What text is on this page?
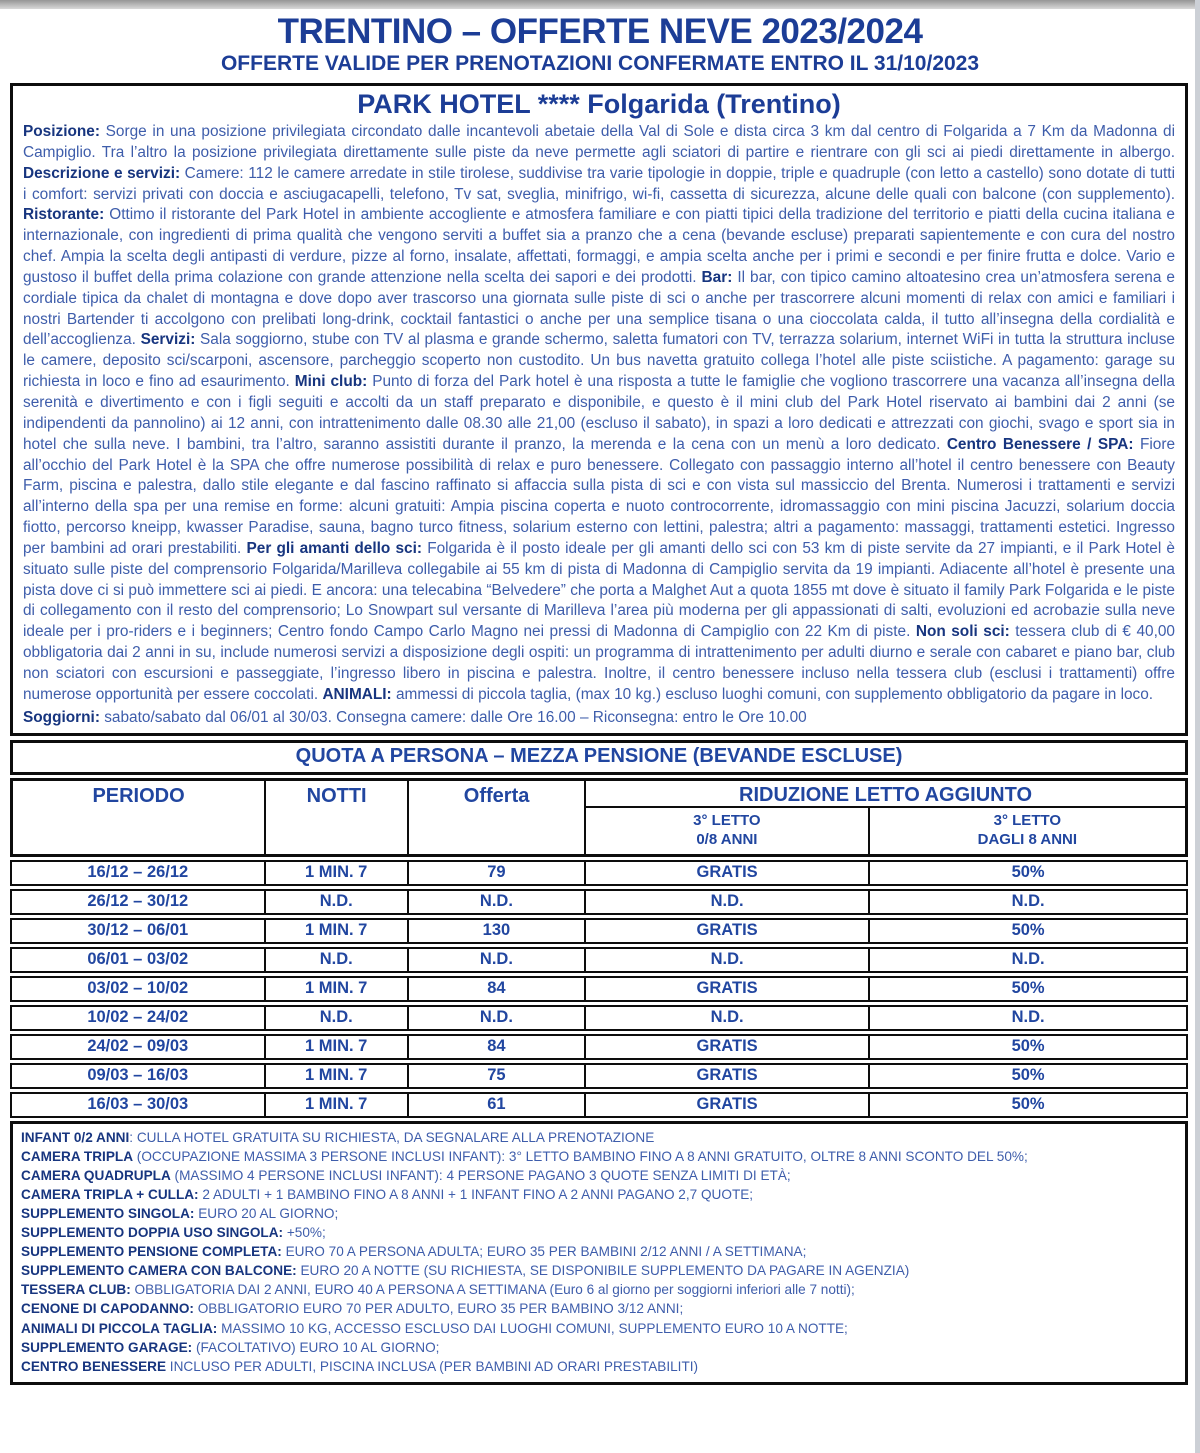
TRENTINO – OFFERTE NEVE 2023/2024
OFFERTE VALIDE PER PRENOTAZIONI CONFERMATE ENTRO IL 31/10/2023
PARK HOTEL **** Folgarida (Trentino)
Posizione: Sorge in una posizione privilegiata circondato dalle incantevoli abetaie della Val di Sole e dista circa 3 km dal centro di Folgarida a 7 Km da Madonna di Campiglio. Tra l’altro la posizione privilegiata direttamente sulle piste da neve permette agli sciatori di partire e rientrare con gli sci ai piedi direttamente in albergo. Descrizione e servizi: Camere: 112 le camere arredate in stile tirolese, suddivise tra varie tipologie in doppie, triple e quadruple (con letto a castello) sono dotate di tutti i comfort: servizi privati con doccia e asciugacapelli, telefono, Tv sat, sveglia, minifrigo, wi-fi, cassetta di sicurezza, alcune delle quali con balcone (con supplemento). Ristorante: Ottimo il ristorante del Park Hotel in ambiente accogliente e atmosfera familiare e con piatti tipici della tradizione del territorio e piatti della cucina italiana e internazionale, con ingredienti di prima qualità che vengono serviti a buffet sia a pranzo che a cena (bevande escluse) preparati sapientemente e con cura del nostro chef. Ampia la scelta degli antipasti di verdure, pizze al forno, insalate, affettati, formaggi, e ampia scelta anche per i primi e secondi e per finire frutta e dolce. Vario e gustoso il buffet della prima colazione con grande attenzione nella scelta dei sapori e dei prodotti. Bar: Il bar, con tipico camino altoatesino crea un’atmosfera serena e cordiale tipica da chalet di montagna e dove dopo aver trascorso una giornata sulle piste di sci o anche per trascorrere alcuni momenti di relax con amici e familiari i nostri Bartender ti accolgono con prelibati long-drink, cocktail fantastici o anche per una semplice tisana o una cioccolata calda, il tutto all’insegna della cordialità e dell’accoglienza. Servizi: Sala soggiorno, stube con TV al plasma e grande schermo, saletta fumatori con TV, terrazza solarium, internet WiFi in tutta la struttura incluse le camere, deposito sci/scarponi, ascensore, parcheggio scoperto non custodito. Un bus navetta gratuito collega l’hotel alle piste sciistiche. A pagamento: garage su richiesta in loco e fino ad esaurimento. Mini club: Punto di forza del Park hotel è una risposta a tutte le famiglie che vogliono trascorrere una vacanza all’insegna della serenità e divertimento e con i figli seguiti e accolti da un staff preparato e disponibile, e questo è il mini club del Park Hotel riservato ai bambini dai 2 anni (se indipendenti da pannolino) ai 12 anni, con intrattenimento dalle 08.30 alle 21,00 (escluso il sabato), in spazi a loro dedicati e attrezzati con giochi, svago e sport sia in hotel che sulla neve. I bambini, tra l’altro, saranno assistiti durante il pranzo, la merenda e la cena con un menù a loro dedicato. Centro Benessere / SPA: Fiore all’occhio del Park Hotel è la SPA che offre numerose possibilità di relax e puro benessere. Collegato con passaggio interno all’hotel il centro benessere con Beauty Farm, piscina e palestra, dallo stile elegante e dal fascino raffinato si affaccia sulla pista di sci e con vista sul massiccio del Brenta. Numerosi i trattamenti e servizi all’interno della spa per una remise en forme: alcuni gratuiti: Ampia piscina coperta e nuoto controcorrente, idromassaggio con mini piscina Jacuzzi, solarium doccia fiotto, percorso kneipp, kwasser Paradise, sauna, bagno turco fitness, solarium esterno con lettini, palestra; altri a pagamento: massaggi, trattamenti estetici. Ingresso per bambini ad orari prestabiliti. Per gli amanti dello sci: Folgarida è il posto ideale per gli amanti dello sci con 53 km di piste servite da 27 impianti, e il Park Hotel è situato sulle piste del comprensorio Folgarida/Marilleva collegabile ai 55 km di pista di Madonna di Campiglio servita da 19 impianti. Adiacente all’hotel è presente una pista dove ci si può immettere sci ai piedi. E ancora: una telecabina “Belvedere” che porta a Malghet Aut a quota 1855 mt dove è situato il family Park Folgarida e le piste di collegamento con il resto del comprensorio; Lo Snowpart sul versante di Marilleva l’area più moderna per gli appassionati di salti, evoluzioni ed acrobazie sulla neve ideale per i pro-riders e i beginners; Centro fondo Campo Carlo Magno nei pressi di Madonna di Campiglio con 22 Km di piste. Non soli sci: tessera club di € 40,00 obbligatoria dai 2 anni in su, include numerosi servizi a disposizione degli ospiti: un programma di intrattenimento per adulti diurno e serale con cabaret e piano bar, club non sciatori con escursioni e passeggiate, l’ingresso libero in piscina e palestra. Inoltre, il centro benessere incluso nella tessera club (esclusi i trattamenti) offre numerose opportunità per essere coccolati. ANIMALI: ammessi di piccola taglia, (max 10 kg.) escluso luoghi comuni, con supplemento obbligatorio da pagare in loco.
Soggiorni: sabato/sabato dal 06/01 al 30/03. Consegna camere: dalle Ore 16.00 – Riconsegna: entro le Ore 10.00
QUOTA A PERSONA – MEZZA PENSIONE (BEVANDE ESCLUSE)
PERIODO	NOTTI	Offerta	RIDUZIONE LETTO AGGIUNTO
3° LETTO
0/8 ANNI
3° LETTO
DAGLI 8 ANNI
16/12 – 26/12	1 MIN. 7	79	GRATIS	50%
26/12 – 30/12	N.D.	N.D.	N.D.	N.D.
30/12 – 06/01	1 MIN. 7	130	GRATIS	50%
06/01 – 03/02	N.D.	N.D.	N.D.	N.D.
03/02 – 10/02	1 MIN. 7	84	GRATIS	50%
10/02 – 24/02	N.D.	N.D.	N.D.	N.D.
24/02 – 09/03	1 MIN. 7	84	GRATIS	50%
09/03 – 16/03	1 MIN. 7	75	GRATIS	50%
16/03 – 30/03	1 MIN. 7	61	GRATIS	50%
INFANT 0/2 ANNI: CULLA HOTEL GRATUITA SU RICHIESTA, DA SEGNALARE ALLA PRENOTAZIONE
CAMERA TRIPLA (OCCUPAZIONE MASSIMA 3 PERSONE INCLUSI INFANT): 3° LETTO BAMBINO FINO A 8 ANNI GRATUITO, OLTRE 8 ANNI SCONTO DEL 50%;
CAMERA QUADRUPLA (MASSIMO 4 PERSONE INCLUSI INFANT): 4 PERSONE PAGANO 3 QUOTE SENZA LIMITI DI ETÀ;
CAMERA TRIPLA + CULLA: 2 ADULTI + 1 BAMBINO FINO A 8 ANNI + 1 INFANT FINO A 2 ANNI PAGANO 2,7 QUOTE;
SUPPLEMENTO SINGOLA: EURO 20 AL GIORNO;
SUPPLEMENTO DOPPIA USO SINGOLA: +50%;
SUPPLEMENTO PENSIONE COMPLETA: EURO 70 A PERSONA ADULTA; EURO 35 PER BAMBINI 2/12 ANNI / A SETTIMANA;
SUPPLEMENTO CAMERA CON BALCONE: EURO 20 A NOTTE (SU RICHIESTA, SE DISPONIBILE SUPPLEMENTO DA PAGARE IN AGENZIA)
TESSERA CLUB: OBBLIGATORIA DAI 2 ANNI, EURO 40 A PERSONA A SETTIMANA (Euro 6 al giorno per soggiorni inferiori alle 7 notti);
CENONE DI CAPODANNO: OBBLIGATORIO EURO 70 PER ADULTO, EURO 35 PER BAMBINO 3/12 ANNI;
ANIMALI DI PICCOLA TAGLIA: MASSIMO 10 KG, ACCESSO ESCLUSO DAI LUOGHI COMUNI, SUPPLEMENTO EURO 10 A NOTTE;
SUPPLEMENTO GARAGE: (FACOLTATIVO) EURO 10 AL GIORNO;
CENTRO BENESSERE INCLUSO PER ADULTI, PISCINA INCLUSA (PER BAMBINI AD ORARI PRESTABILITI)
